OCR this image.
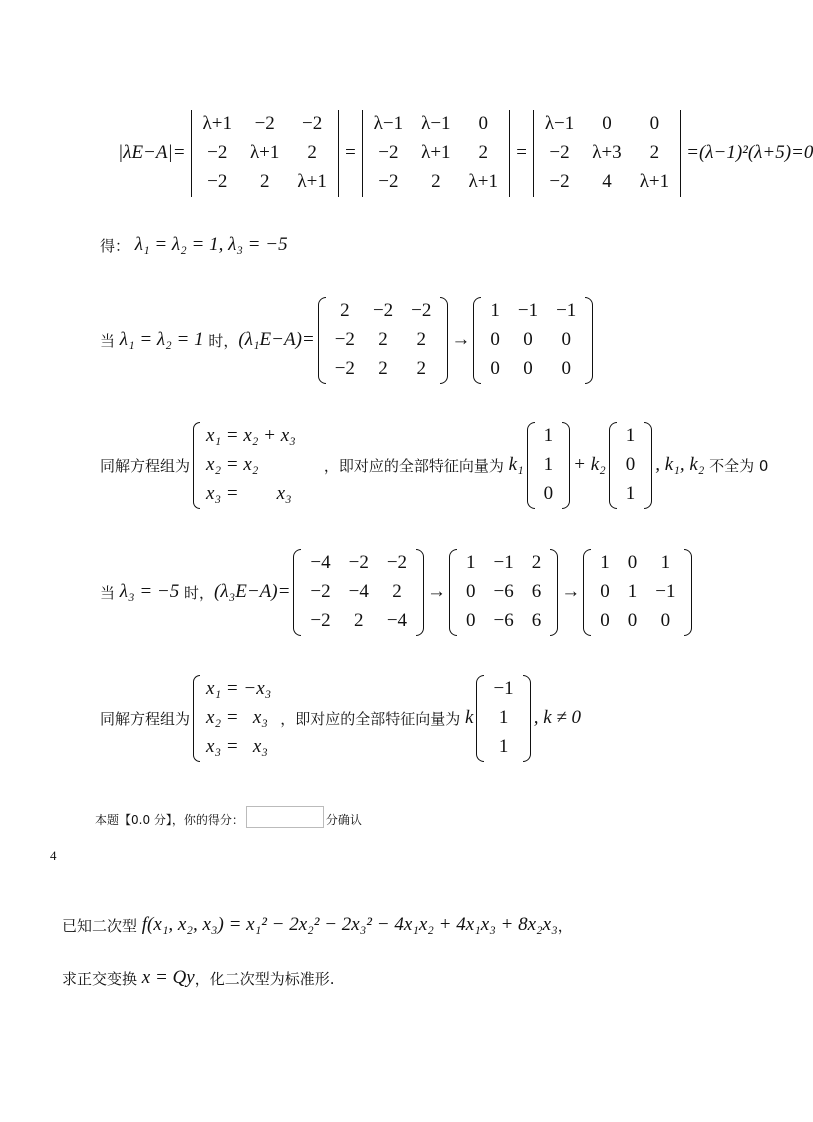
|λE−A|=
λ+1	−2	−2
−2	λ+1	2
−2	2	λ+1
=
λ−1	λ−1	0
−2	λ+1	2
−2	2	λ+1
=
λ−1	0	0
−2	λ+3	2
−2	4	λ+1
=(λ−1)²(λ+5)=0
得： λ₁ = λ₂ = 1, λ₃ = −5
当 λ₁ = λ₂ = 1 时， (λ₁E−A)=
2	−2	−2
−2	2	2
−2	2	2
→
1	−1	−1
0	0	0
0	0	0
同解方程组为
x₁ = x₂ + x₃
x₂ = x₂
x₃ =        x₃
，即对应的全部特征向量为 k₁
1
1
0
+ k₂
1
0
1
, k₁, k₂ 不全为 0
当 λ₃ = −5 时， (λ₃E−A)=
−4	−2	−2
−2	−4	2
−2	2	−4
→
1	−1	2
0	−6	6
0	−6	6
→
1	0	1
0	1	−1
0	0	0
同解方程组为
x₁ = −x₃
x₂ =   x₃
x₃ =   x₃
，即对应的全部特征向量为 k
−1
1
1
, k ≠ 0
已知二次型 f(x₁, x₂, x₃) = x₁² − 2x₂² − 2x₃² − 4x₁x₂ + 4x₁x₃ + 8x₂x₃ ，
求正交变换 x = Qy ，化二次型为标准形.
本题【0.0 分】，你的得分：	分确认
4
